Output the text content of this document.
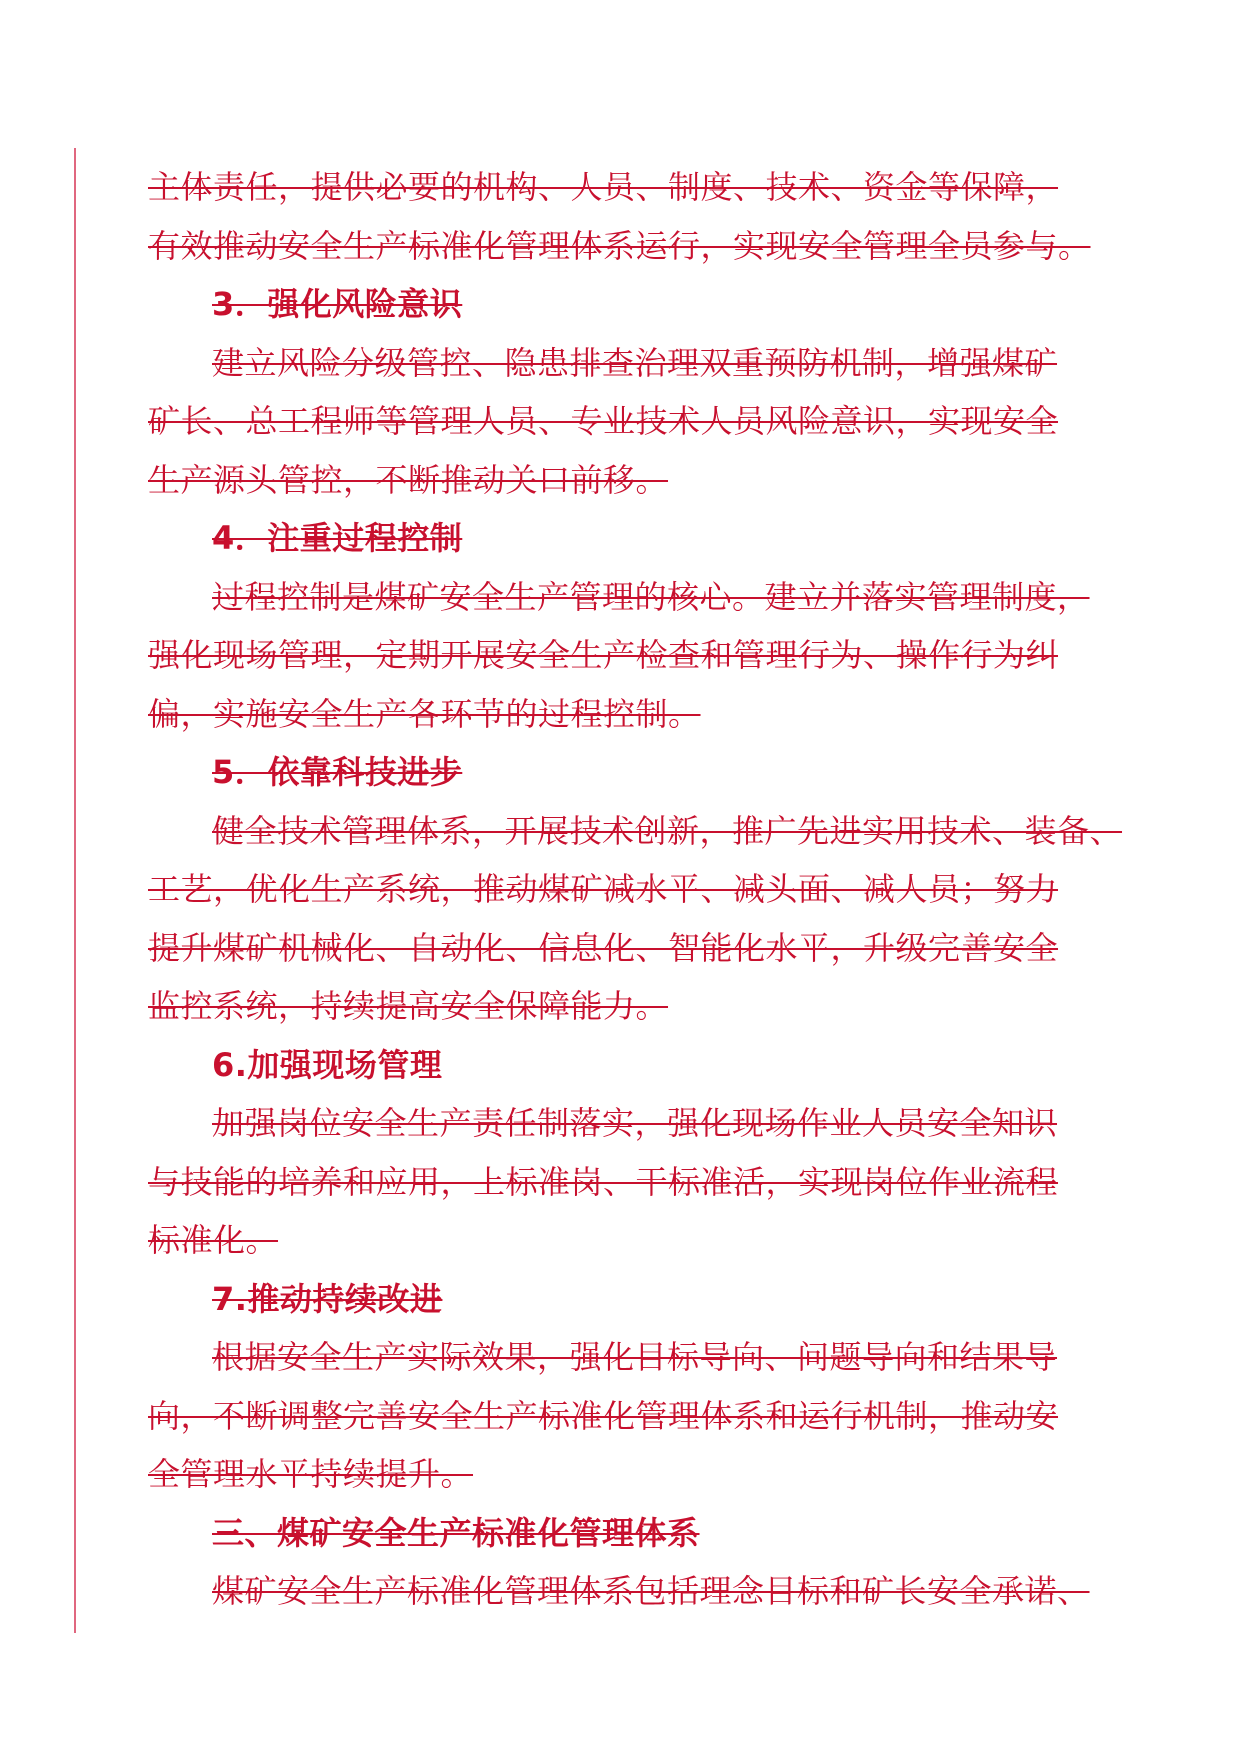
主体责任，提供必要的机构、人员、制度、技术、资金等保障，
有效推动安全生产标准化管理体系运行，实现安全管理全员参与。
3．强化风险意识
建立风险分级管控、隐患排查治理双重预防机制，增强煤矿
矿长、总工程师等管理人员、专业技术人员风险意识，实现安全
生产源头管控，不断推动关口前移。
4．注重过程控制
过程控制是煤矿安全生产管理的核心。建立并落实管理制度，
强化现场管理，定期开展安全生产检查和管理行为、操作行为纠
偏，实施安全生产各环节的过程控制。
5．依靠科技进步
健全技术管理体系，开展技术创新，推广先进实用技术、装备、
工艺，优化生产系统，推动煤矿减水平、减头面、减人员；努力
提升煤矿机械化、自动化、信息化、智能化水平，升级完善安全
监控系统，持续提高安全保障能力。
6.加强现场管理
加强岗位安全生产责任制落实，强化现场作业人员安全知识
与技能的培养和应用，上标准岗、干标准活，实现岗位作业流程
标准化。
7.推动持续改进
根据安全生产实际效果，强化目标导向、问题导向和结果导
向，不断调整完善安全生产标准化管理体系和运行机制，推动安
全管理水平持续提升。
三、煤矿安全生产标准化管理体系
煤矿安全生产标准化管理体系包括理念目标和矿长安全承诺、
